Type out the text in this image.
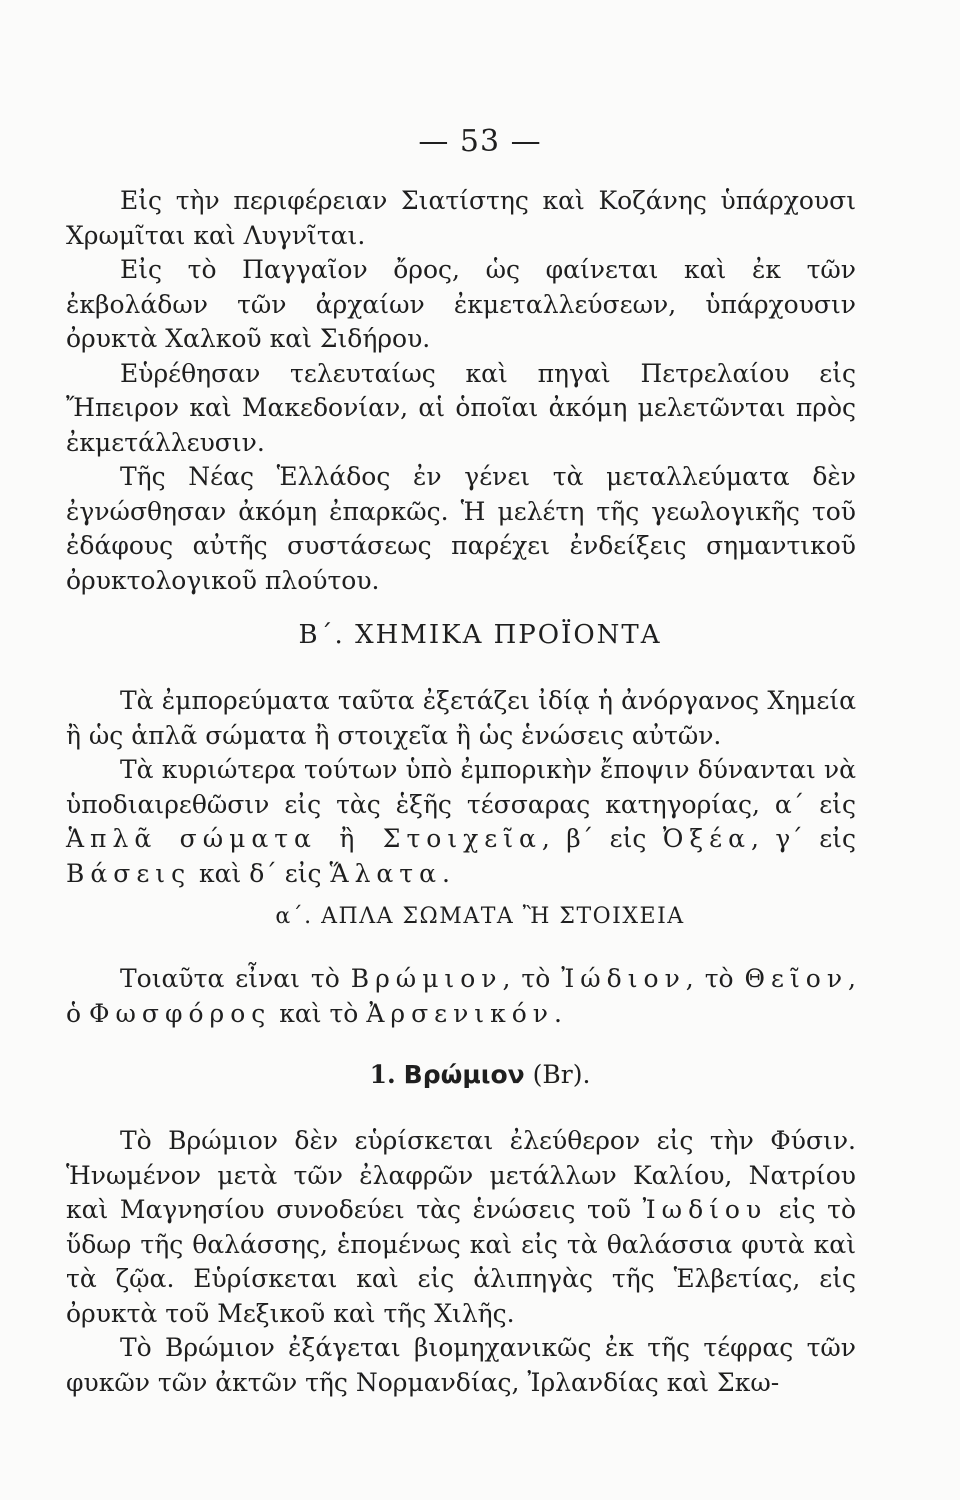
— 53 —

Εἰς τὴν περιφέρειαν Σιατίστης καὶ Κοζάνης ὑπάρχουσι Χρωμῖται καὶ Λυγνῖται.

Εἰς τὸ Παγγαῖον ὄρος, ὡς φαίνεται καὶ ἐκ τῶν ἐκβολάδων τῶν ἀρχαίων ἐκμεταλλεύσεων, ὑπάρχουσιν ὀρυκτὰ Χαλκοῦ καὶ Σιδήρου.

Εὑρέθησαν τελευταίως καὶ πηγαὶ Πετρελαίου εἰς Ἤπειρον καὶ Μακεδονίαν, αἱ ὁποῖαι ἀκόμη μελετῶνται πρὸς ἐκμετάλλευσιν.

Τῆς Νέας Ἑλλάδος ἐν γένει τὰ μεταλλεύματα δὲν ἐγνώσθησαν ἀκόμη ἐπαρκῶς. Ἡ μελέτη τῆς γεωλογικῆς τοῦ ἐδάφους αὐτῆς συστάσεως παρέχει ἐνδείξεις σημαντικοῦ ὀρυκτολογικοῦ πλούτου.

Β΄. ΧΗΜΙΚΑ ΠΡΟΪΟΝΤΑ

Τὰ ἐμπορεύματα ταῦτα ἐξετάζει ἰδίᾳ ἡ ἀνόργανος Χημεία ἢ ὡς ἁπλᾶ σώματα ἢ στοιχεῖα ἢ ὡς ἑνώσεις αὐτῶν.

Τὰ κυριώτερα τούτων ὑπὸ ἐμπορικὴν ἔποψιν δύνανται νὰ ὑποδιαιρεθῶσιν εἰς τὰς ἑξῆς τέσσαρας κατηγορίας, α΄ εἰς Ἁπλᾶ σώματα ἢ Στοιχεῖα, β΄ εἰς Ὀξέα, γ΄ εἰς Βάσεις καὶ δ΄ εἰς Ἅλατα.

α΄. ΑΠΛΑ ΣΩΜΑΤΑ Ἢ ΣΤΟΙΧΕΙΑ

Τοιαῦτα εἶναι τὸ Βρώμιον, τὸ Ἰώδιον, τὸ Θεῖον, ὁ Φωσφόρος καὶ τὸ Ἀρσενικόν.

1. Βρώμιον (Br).

Τὸ Βρώμιον δὲν εὑρίσκεται ἐλεύθερον εἰς τὴν Φύσιν. Ἡνωμένον μετὰ τῶν ἐλαφρῶν μετάλλων Καλίου, Νατρίου καὶ Μαγνησίου συνοδεύει τὰς ἑνώσεις τοῦ Ἰωδίου εἰς τὸ ὕδωρ τῆς θαλάσσης, ἑπομένως καὶ εἰς τὰ θαλάσσια φυτὰ καὶ τὰ ζῷα. Εὑρίσκεται καὶ εἰς ἁλιπηγὰς τῆς Ἑλβετίας, εἰς ὀρυκτὰ τοῦ Μεξικοῦ καὶ τῆς Χιλῆς.

Τὸ Βρώμιον ἐξάγεται βιομηχανικῶς ἐκ τῆς τέφρας τῶν φυκῶν τῶν ἀκτῶν τῆς Νορμανδίας, Ἰρλανδίας καὶ Σκω-
